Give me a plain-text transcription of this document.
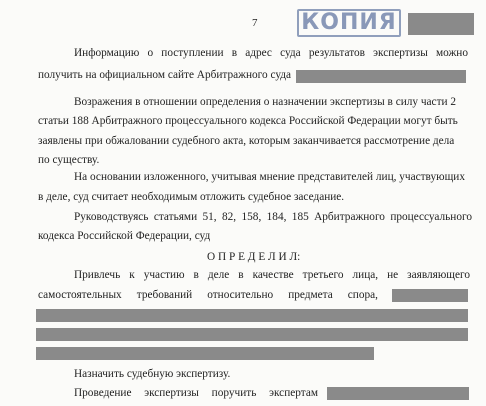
7 КОПИЯ
Информацию о поступлении в адрес суда результатов экспертизы можно
получить на официальном сайте Арбитражного суда
Возражения в отношении определения о назначении экспертизы в силу части 2
статьи 188 Арбитражного процессуального кодекса Российской Федерации могут быть
заявлены при обжаловании судебного акта, которым заканчивается рассмотрение дела
по существу.
На основании изложенного, учитывая мнение представителей лиц, участвующих
в деле, суд считает необходимым отложить судебное заседание.
Руководствуясь статьями 51, 82, 158, 184, 185 Арбитражного процессуального
кодекса Российской Федерации, суд
О П Р Е Д Е Л И Л:
Привлечь к участию в деле в качестве третьего лица, не заявляющего
самостоятельных требований относительно предмета спора,
Назначить судебную экспертизу.
Проведение экспертизы поручить экспертам
